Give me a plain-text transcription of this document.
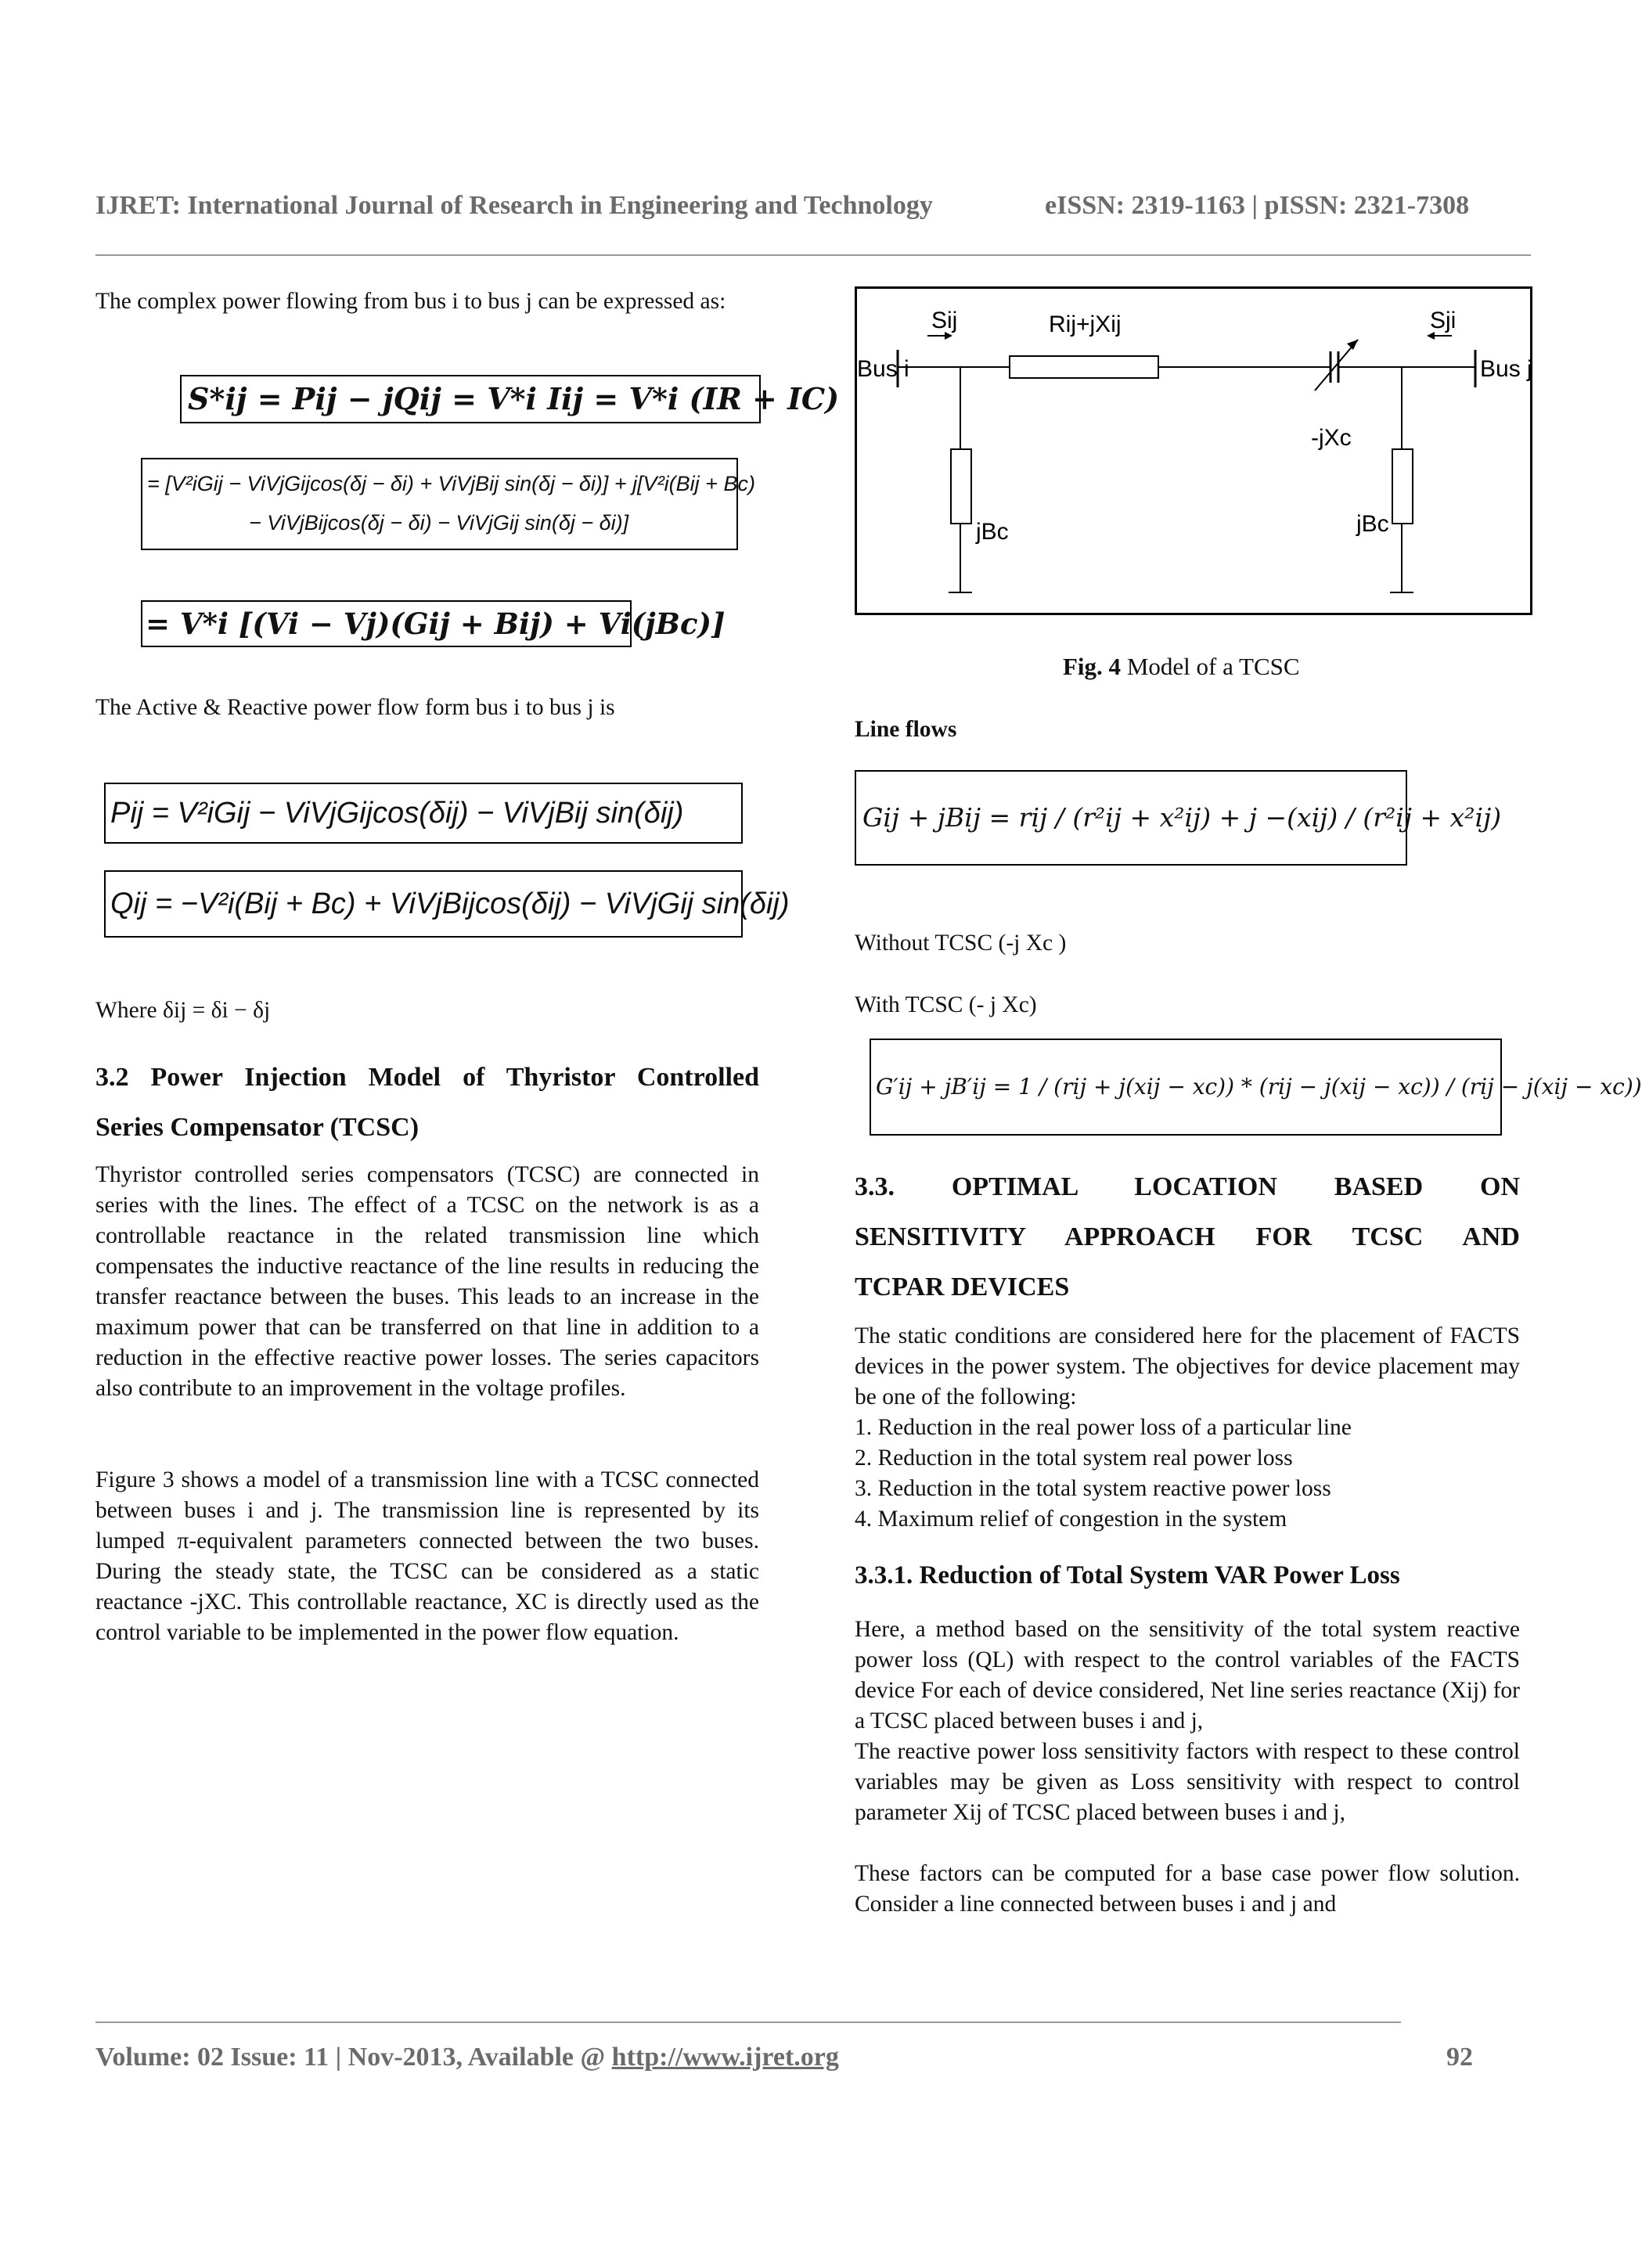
IJRET: International Journal of Research in Engineering and Technology	eISSN: 2319-1163 | pISSN: 2321-7308

The complex power flowing from bus i to bus j can be expressed as:

S*ij = Pij − jQij = V*i Iij = V*i (IR + IC)
= [V²iGij − ViVjGijcos(δj − δi) + ViVjBij sin(δj − δi)] + j[V²i(Bij + Bc)
− ViVjBijcos(δj − δi) − ViVjGij sin(δj − δi)]
= V*i [(Vi − Vj)(Gij + Bij) + Vi(jBc)]

The Active & Reactive power flow form bus i to bus j is

Pij = V²iGij − ViVjGijcos(δij) − ViVjBij sin(δij)
Qij = −V²i(Bij + Bc) + ViVjBijcos(δij) − ViVjGij sin(δij)

Where δij = δi − δj

3.2 Power Injection Model of Thyristor Controlled
Series Compensator (TCSC)

Thyristor controlled series compensators (TCSC) are connected in series with the lines. The effect of a TCSC on the network is as a controllable reactance in the related transmission line which compensates the inductive reactance of the line results in reducing the transfer reactance between the buses. This leads to an increase in the maximum power that can be transferred on that line in addition to a reduction in the effective reactive power losses. The series capacitors also contribute to an improvement in the voltage profiles.

Figure 3 shows a model of a transmission line with a TCSC connected between buses i and j. The transmission line is represented by its lumped π-equivalent parameters connected between the two buses. During the steady state, the TCSC can be considered as a static reactance -jXC. This controllable reactance, XC is directly used as the control variable to be implemented in the power flow equation.

Sij	Sji
Rij+jXij
Bus i	Bus j
-jXc
jBc	jBc
Fig. 4 Model of a TCSC

Line flows

Gij + jBij = rij / (r²ij + x²ij) + j −(xij) / (r²ij + x²ij)

Without TCSC (-j Xc )

With TCSC (- j Xc)

G′ij + jB′ij = 1 / (rij + j(xij − xc)) * (rij − j(xij − xc)) / (rij − j(xij − xc))
3.3. OPTIMAL LOCATION BASED ON
SENSITIVITY APPROACH FOR TCSC AND
TCPAR DEVICES

The static conditions are considered here for the placement of FACTS devices in the power system. The objectives for device placement may be one of the following:

1. Reduction in the real power loss of a particular line
2. Reduction in the total system real power loss
3. Reduction in the total system reactive power loss
4. Maximum relief of congestion in the system

3.3.1. Reduction of Total System VAR Power Loss

Here, a method based on the sensitivity of the total system reactive power loss (QL) with respect to the control variables of the FACTS device For each of device considered, Net line series reactance (Xij) for a TCSC placed between buses i and j,

The reactive power loss sensitivity factors with respect to these control variables may be given as Loss sensitivity with respect to control parameter Xij of TCSC placed between buses i and j,

These factors can be computed for a base case power flow solution. Consider a line connected between buses i and j and

Volume: 02 Issue: 11 | Nov-2013, Available @ http://www.ijret.org	92
